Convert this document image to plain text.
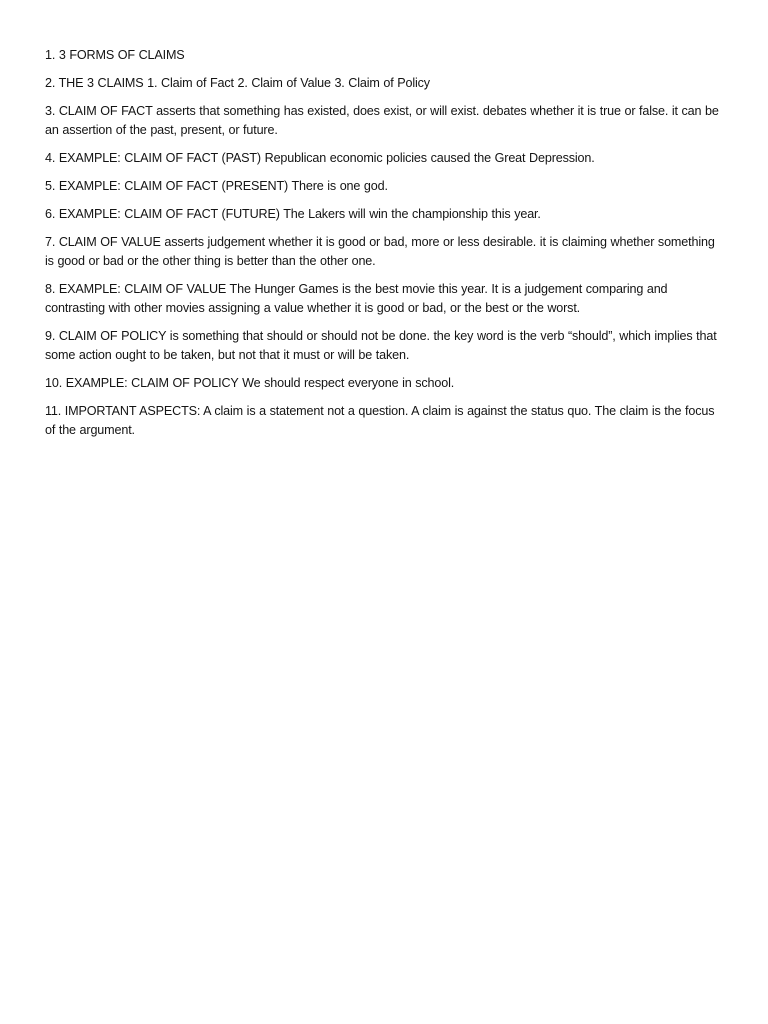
1. 3 FORMS OF CLAIMS

2. THE 3 CLAIMS 1. Claim of Fact 2. Claim of Value 3. Claim of Policy

3. CLAIM OF FACT asserts that something has existed, does exist, or will exist. debates whether it is true or false. it can be an assertion of the past, present, or future.

4. EXAMPLE: CLAIM OF FACT (PAST) Republican economic policies caused the Great Depression.

5. EXAMPLE: CLAIM OF FACT (PRESENT) There is one god.

6. EXAMPLE: CLAIM OF FACT (FUTURE) The Lakers will win the championship this year.

7. CLAIM OF VALUE asserts judgement whether it is good or bad, more or less desirable. it is claiming whether something is good or bad or the other thing is better than the other one.

8. EXAMPLE: CLAIM OF VALUE The Hunger Games is the best movie this year. It is a judgement comparing and contrasting with other movies assigning a value whether it is good or bad, or the best or the worst.

9. CLAIM OF POLICY is something that should or should not be done. the key word is the verb “should”, which implies that some action ought to be taken, but not that it must or will be taken.

10. EXAMPLE: CLAIM OF POLICY We should respect everyone in school.

11. IMPORTANT ASPECTS: A claim is a statement not a question. A claim is against the status quo. The claim is the focus of the argument.
